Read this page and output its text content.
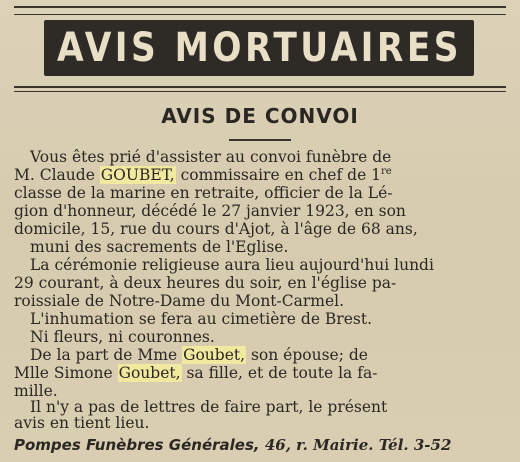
AVIS MORTUAIRES
AVIS DE CONVOI
Vous êtes prié d'assister au convoi funèbre de
M. Claude GOUBET, commissaire en chef de 1re
classe de la marine en retraite, officier de la Lé-
gion d'honneur, décédé le 27 janvier 1923, en son
domicile, 15, rue du cours d'Ajot, à l'âge de 68 ans,
muni des sacrements de l'Eglise.
La cérémonie religieuse aura lieu aujourd'hui lundi
29 courant, à deux heures du soir, en l'église pa-
roissiale de Notre-Dame du Mont-Carmel.
L'inhumation se fera au cimetière de Brest.
Ni fleurs, ni couronnes.
De la part de Mme Goubet, son épouse; de
Mlle Simone Goubet, sa fille, et de toute la fa-
mille.
Il n'y a pas de lettres de faire part, le présent
avis en tient lieu.
Pompes Funèbres Générales, 46, r. Mairie. Tél. 3-52
